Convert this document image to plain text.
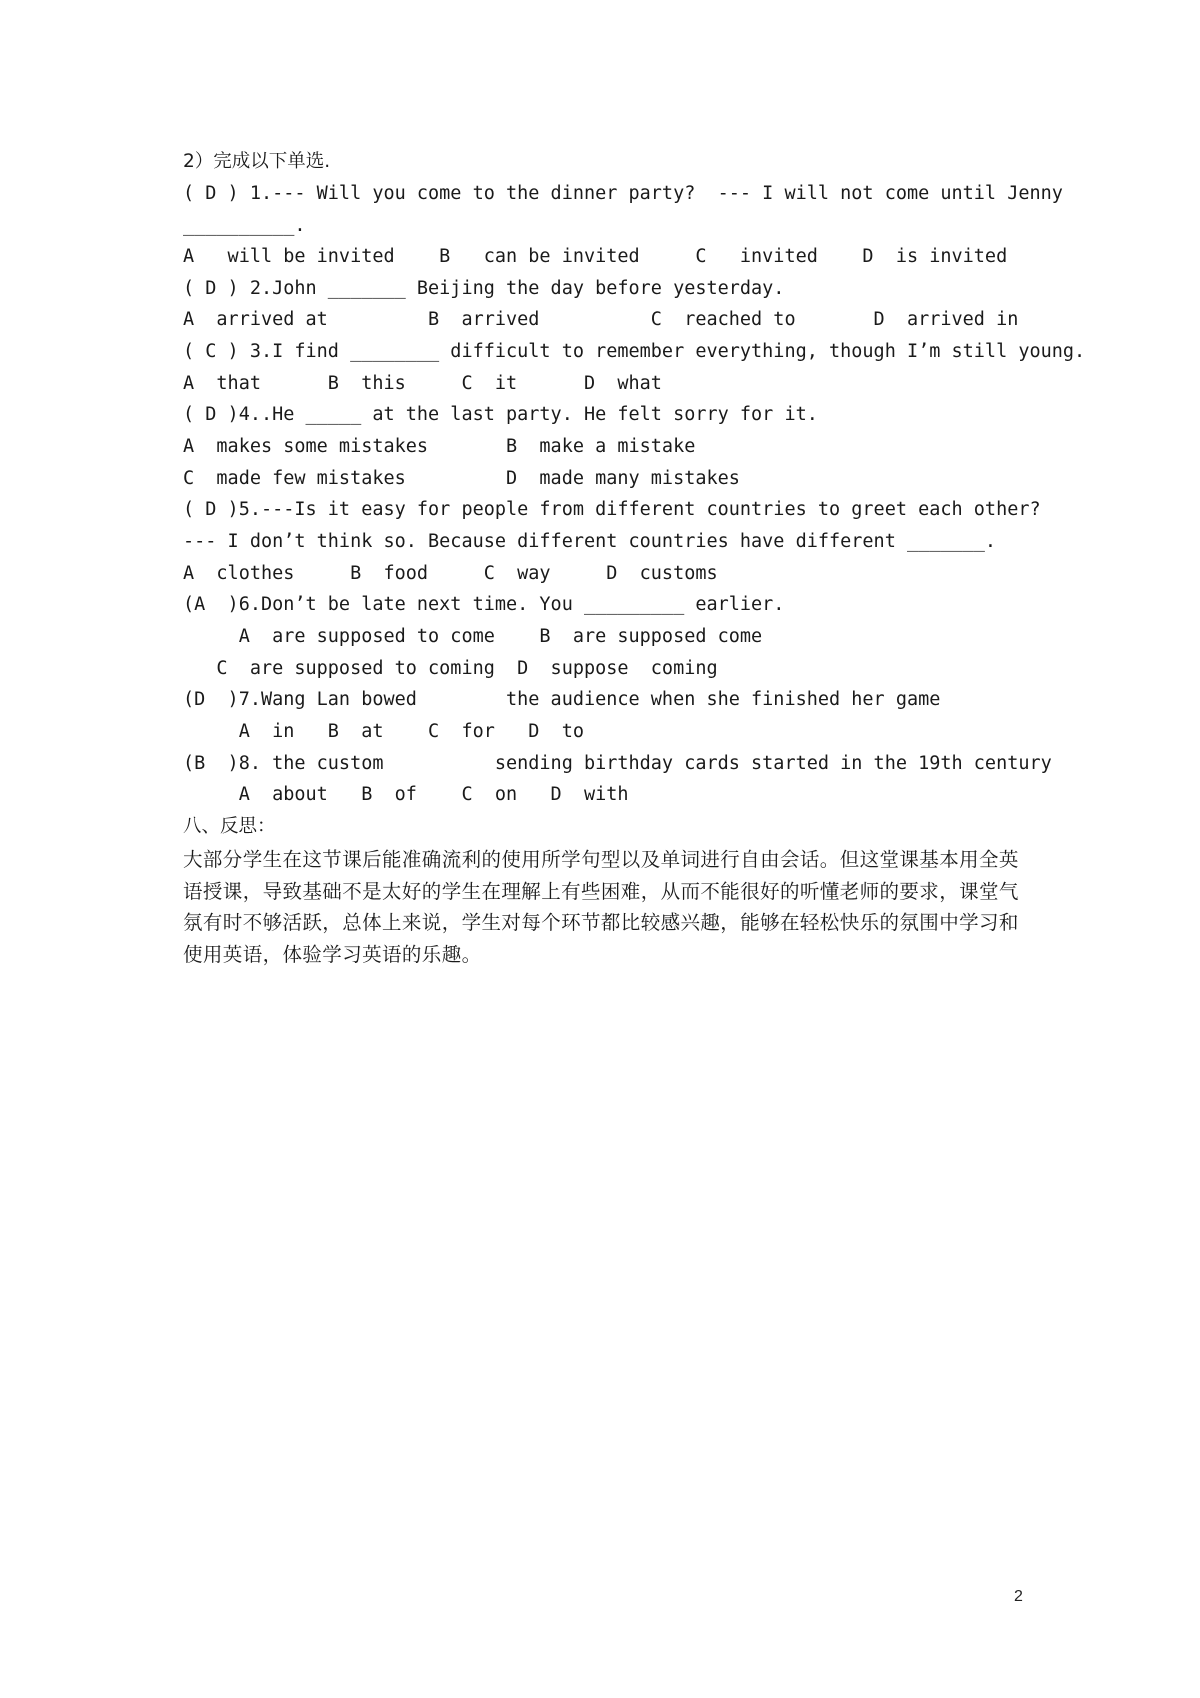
2）完成以下单选.
( D ) 1.--- Will you come to the dinner party?  --- I will not come until Jenny
__________.
A   will be invited    B   can be invited     C   invited    D  is invited
( D ) 2.John _______ Beijing the day before yesterday.
A  arrived at         B  arrived          C  reached to       D  arrived in
( C ) 3.I find ________ difficult to remember everything, though I’m still young.
A  that      B  this     C  it      D  what
( D )4..He _____ at the last party. He felt sorry for it.
A  makes some mistakes       B  make a mistake
C  made few mistakes         D  made many mistakes
( D )5.---Is it easy for people from different countries to greet each other?
--- I don’t think so. Because different countries have different _______.
A  clothes     B  food     C  way     D  customs
(A  )6.Don’t be late next time. You _________ earlier.
A  are supposed to come    B  are supposed come
C  are supposed to coming  D  suppose  coming
(D  )7.Wang Lan bowed        the audience when she finished her game
A  in   B  at    C  for   D  to
(B  )8. the custom          sending birthday cards started in the 19th century
A  about   B  of    C  on   D  with
八、反思：
大部分学生在这节课后能准确流利的使用所学句型以及单词进行自由会话。但这堂课基本用全英语授课，导致基础不是太好的学生在理解上有些困难，从而不能很好的听懂老师的要求，课堂气氛有时不够活跃，总体上来说，学生对每个环节都比较感兴趣，能够在轻松快乐的氛围中学习和使用英语，体验学习英语的乐趣。
2
